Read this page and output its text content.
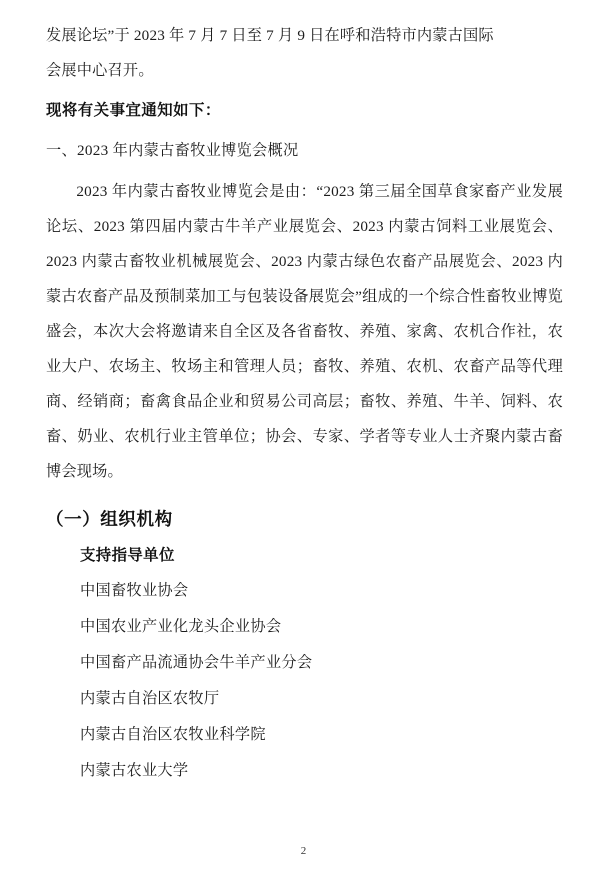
发展论坛”于 2023 年 7 月 7 日至 7 月 9 日在呼和浩特市内蒙古国际
会展中心召开。
现将有关事宜通知如下：
一、2023 年内蒙古畜牧业博览会概况
2023 年内蒙古畜牧业博览会是由：“2023 第三届全国草食家畜产业发展论坛、2023 第四届内蒙古牛羊产业展览会、2023 内蒙古饲料工业展览会、2023 内蒙古畜牧业机械展览会、2023 内蒙古绿色农畜产品展览会、2023 内蒙古农畜产品及预制菜加工与包装设备展览会”组成的一个综合性畜牧业博览盛会，本次大会将邀请来自全区及各省畜牧、养殖、家禽、农机合作社，农业大户、农场主、牧场主和管理人员；畜牧、养殖、农机、农畜产品等代理商、经销商；畜禽食品企业和贸易公司高层；畜牧、养殖、牛羊、饲料、农畜、奶业、农机行业主管单位；协会、专家、学者等专业人士齐聚内蒙古畜博会现场。
（一）组织机构
支持指导单位
中国畜牧业协会
中国农业产业化龙头企业协会
中国畜产品流通协会牛羊产业分会
内蒙古自治区农牧厅
内蒙古自治区农牧业科学院
内蒙古农业大学
2
